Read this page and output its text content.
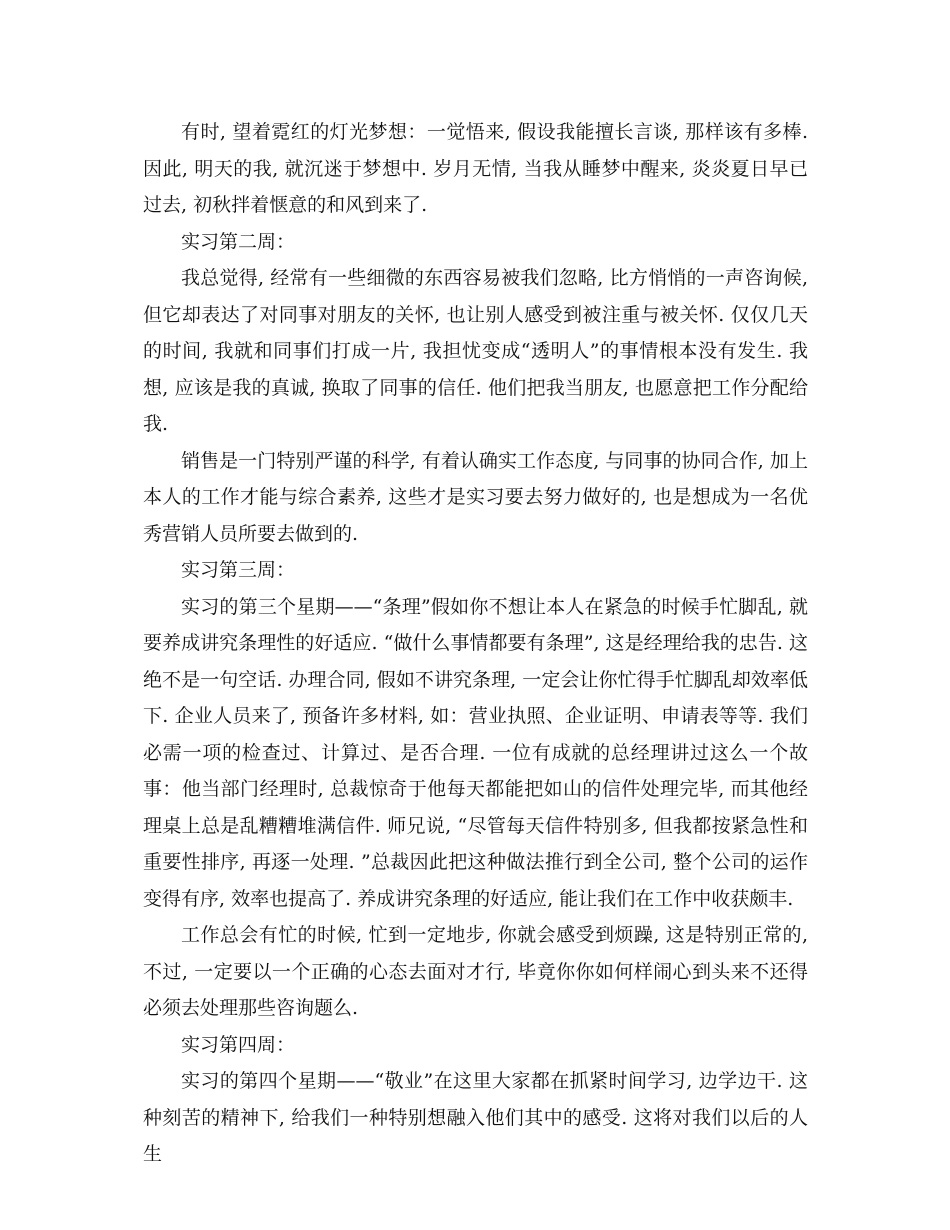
有时, 望着霓红的灯光梦想：一觉悟来, 假设我能擅长言谈, 那样该有多棒. 因此, 明天的我, 就沉迷于梦想中. 岁月无情, 当我从睡梦中醒来, 炎炎夏日早已过去, 初秋拌着惬意的和风到来了.

实习第二周：

我总觉得, 经常有一些细微的东西容易被我们忽略, 比方悄悄的一声咨询候, 但它却表达了对同事对朋友的关怀, 也让别人感受到被注重与被关怀. 仅仅几天的时间, 我就和同事们打成一片, 我担忧变成“透明人”的事情根本没有发生. 我想, 应该是我的真诚, 换取了同事的信任. 他们把我当朋友, 也愿意把工作分配给我.

销售是一门特别严谨的科学, 有着认确实工作态度, 与同事的协同合作, 加上本人的工作才能与综合素养, 这些才是实习要去努力做好的, 也是想成为一名优秀营销人员所要去做到的.

实习第三周：

实习的第三个星期——“条理”假如你不想让本人在紧急的时候手忙脚乱, 就要养成讲究条理性的好适应. “做什么事情都要有条理”, 这是经理给我的忠告. 这绝不是一句空话. 办理合同, 假如不讲究条理, 一定会让你忙得手忙脚乱却效率低下. 企业人员来了, 预备许多材料, 如：营业执照、企业证明、申请表等等. 我们必需一项的检查过、计算过、是否合理. 一位有成就的总经理讲过这么一个故事：他当部门经理时, 总裁惊奇于他每天都能把如山的信件处理完毕, 而其他经理桌上总是乱糟糟堆满信件. 师兄说, “尽管每天信件特别多, 但我都按紧急性和重要性排序, 再逐一处理. ”总裁因此把这种做法推行到全公司, 整个公司的运作变得有序, 效率也提高了. 养成讲究条理的好适应, 能让我们在工作中收获颇丰.

工作总会有忙的时候, 忙到一定地步, 你就会感受到烦躁, 这是特别正常的, 不过, 一定要以一个正确的心态去面对才行, 毕竟你你如何样闹心到头来不还得必须去处理那些咨询题么.

实习第四周：

实习的第四个星期——“敬业”在这里大家都在抓紧时间学习, 边学边干. 这种刻苦的精神下, 给我们一种特别想融入他们其中的感受. 这将对我们以后的人生
